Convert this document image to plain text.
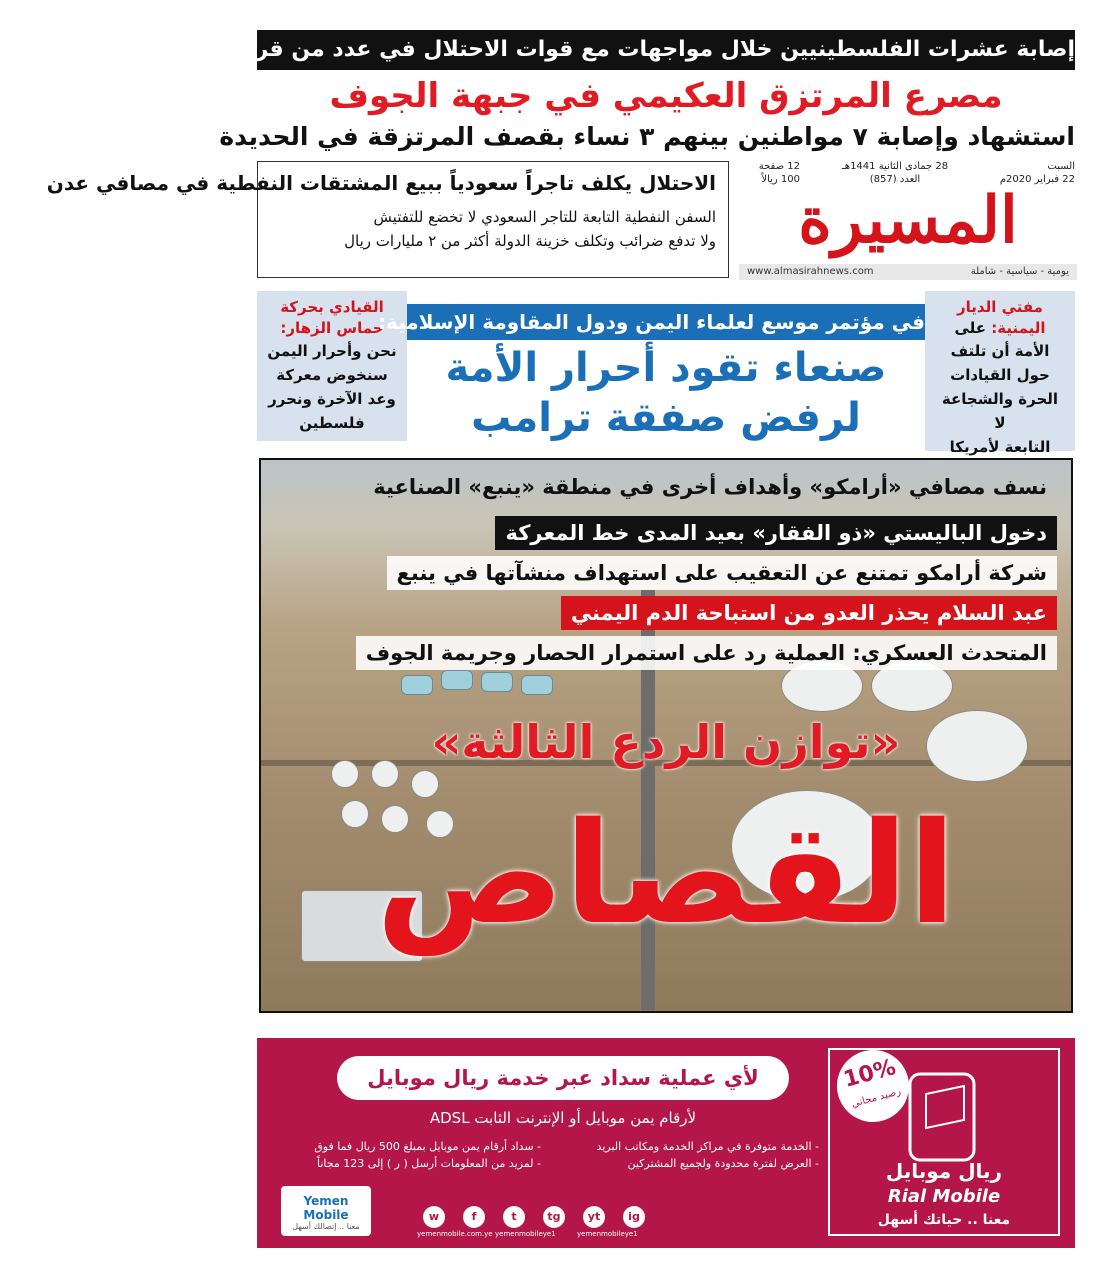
إصابة عشرات الفلسطينيين خلال مواجهات مع قوات الاحتلال في عدد من قرى وبلدات الضفة الغربية
مصرع المرتزق العكيمي في جبهة الجوف
استشهاد وإصابة ٧ مواطنين بينهم ٣ نساء بقصف المرتزقة في الحديدة
الاحتلال يكلف تاجراً سعودياً ببيع المشتقات النفطية في مصافي عدن
السفن النفطية التابعة للتاجر السعودي لا تخضع للتفتيش
ولا تدفع ضرائب وتكلف خزينة الدولة أكثر من ٢ مليارات ريال
12 صفحة
100 ريالاً
28 جمادى الثانية 1441هـ
العدد (857)
السبت
22 فبراير 2020م
المسيرة
يومية - سياسية - شاملة
www.almasirahnews.com
القيادي بحركة
حماس الزهار:
نحن وأحرار اليمن
سنخوض معركة
وعد الآخرة ونحرر
فلسطين
مفتي الديار
اليمنية: على
الأمة أن تلتف
حول القيادات
الحرة والشجاعة لا
التابعة لأمريكا
في مؤتمر موسع لعلماء اليمن ودول المقاومة الإسلامية:
صنعاء تقود أحرار الأمة
لرفض صفقة ترامب
نسف مصافي «أرامكو» وأهداف أخرى في منطقة «ينبع» الصناعية
دخول الباليستي «ذو الفقار» بعيد المدى خط المعركة
شركة أرامكو تمتنع عن التعقيب على استهداف منشآتها في ينبع
عبد السلام يحذر العدو من استباحة الدم اليمني
المتحدث العسكري: العملية رد على استمرار الحصار وجريمة الجوف
«توازن الردع الثالثة»
القصاص
لأي عملية سداد عبر خدمة ريال موبايل
لأرقام يمن موبايل أو الإنترنت الثابت ADSL
- الخدمة متوفرة في مراكز الخدمة ومكاتب البريد
- العرض لفترة محدودة ولجميع المشتركين
- سداد أرقام يمن موبايل بمبلغ 500 ريال فما فوق
- لمزيد من المعلومات أرسل ( ر ) إلى 123 مجاناً
10%
رصيد مجاني
ريال موبايل
Rial Mobile
معنا .. حياتك أسهل
Yemen Mobile
معنا .. إتصالك أسهل
w	f	t	tg	yt	ig
yemenmobile.com.ye yemenmobileye1	yemenmobileye1
